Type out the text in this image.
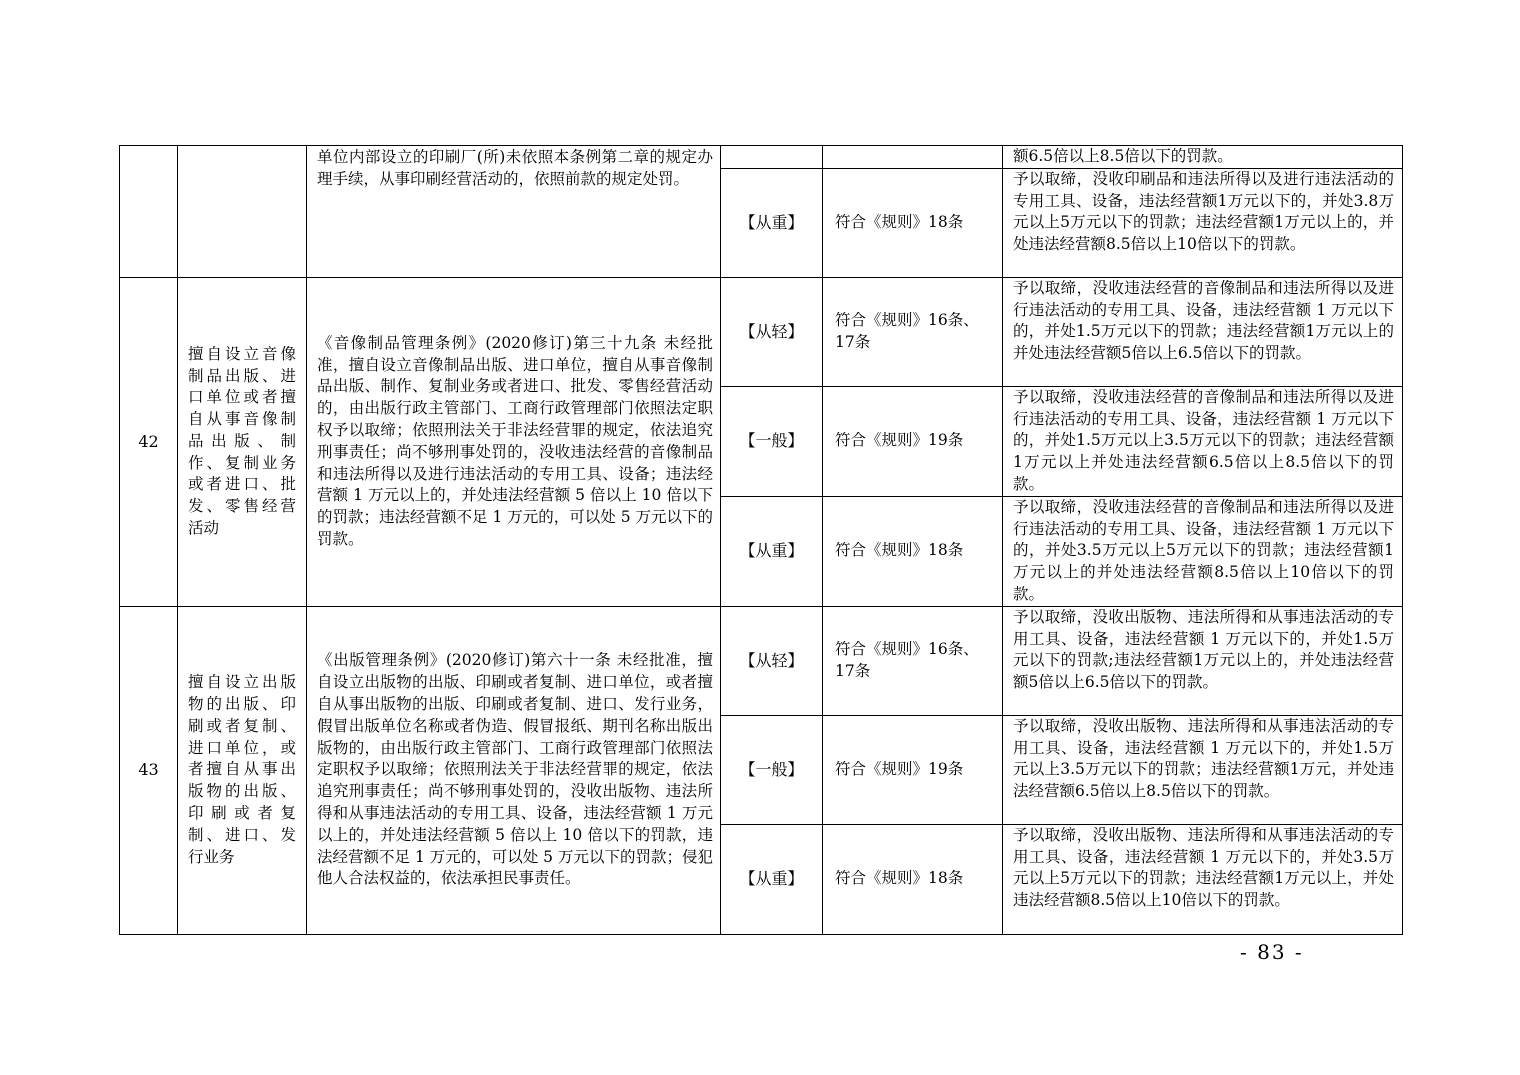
		单位内部设立的印刷厂(所)未依照本条例第二章的规定办理手续，从事印刷经营活动的，依照前款的规定处罚。			额6.5倍以上8.5倍以下的罚款。
			【从重】	符合《规则》18条	予以取缔，没收印刷品和违法所得以及进行违法活动的专用工具、设备，违法经营额1万元以下的，并处3.8万元以上5万元以下的罚款；违法经营额1万元以上的，并处违法经营额8.5倍以上10倍以下的罚款。
42	擅自设立音像制品出版、进口单位或者擅自从事音像制品出版、制作、复制业务或者进口、批发、零售经营活动	《音像制品管理条例》(2020修订)第三十九条 未经批准，擅自设立音像制品出版、进口单位，擅自从事音像制品出版、制作、复制业务或者进口、批发、零售经营活动的，由出版行政主管部门、工商行政管理部门依照法定职权予以取缔；依照刑法关于非法经营罪的规定，依法追究刑事责任；尚不够刑事处罚的，没收违法经营的音像制品和违法所得以及进行违法活动的专用工具、设备；违法经营额 1 万元以上的，并处违法经营额 5 倍以上 10 倍以下的罚款；违法经营额不足 1 万元的，可以处 5 万元以下的罚款。	【从轻】	符合《规则》16条、17条	予以取缔，没收违法经营的音像制品和违法所得以及进行违法活动的专用工具、设备，违法经营额 1 万元以下的，并处1.5万元以下的罚款；违法经营额1万元以上的并处违法经营额5倍以上6.5倍以下的罚款。
			【一般】	符合《规则》19条	予以取缔，没收违法经营的音像制品和违法所得以及进行违法活动的专用工具、设备，违法经营额 1 万元以下的，并处1.5万元以上3.5万元以下的罚款；违法经营额1万元以上并处违法经营额6.5倍以上8.5倍以下的罚款。
			【从重】	符合《规则》18条	予以取缔，没收违法经营的音像制品和违法所得以及进行违法活动的专用工具、设备，违法经营额 1 万元以下的，并处3.5万元以上5万元以下的罚款；违法经营额1万元以上的并处违法经营额8.5倍以上10倍以下的罚款。
43	擅自设立出版物的出版、印刷或者复制、进口单位，或者擅自从事出版物的出版、印刷或者复制、进口、发行业务	《出版管理条例》(2020修订)第六十一条 未经批准，擅自设立出版物的出版、印刷或者复制、进口单位，或者擅自从事出版物的出版、印刷或者复制、进口、发行业务，假冒出版单位名称或者伪造、假冒报纸、期刊名称出版出版物的，由出版行政主管部门、工商行政管理部门依照法定职权予以取缔；依照刑法关于非法经营罪的规定，依法追究刑事责任；尚不够刑事处罚的，没收出版物、违法所得和从事违法活动的专用工具、设备，违法经营额 1 万元以上的，并处违法经营额 5 倍以上 10 倍以下的罚款，违法经营额不足 1 万元的，可以处 5 万元以下的罚款；侵犯他人合法权益的，依法承担民事责任。	【从轻】	符合《规则》16条、17条	予以取缔，没收出版物、违法所得和从事违法活动的专用工具、设备，违法经营额 1 万元以下的，并处1.5万元以下的罚款;违法经营额1万元以上的，并处违法经营额5倍以上6.5倍以下的罚款。
			【一般】	符合《规则》19条	予以取缔，没收出版物、违法所得和从事违法活动的专用工具、设备，违法经营额 1 万元以下的，并处1.5万元以上3.5万元以下的罚款；违法经营额1万元，并处违法经营额6.5倍以上8.5倍以下的罚款。
			【从重】	符合《规则》18条	予以取缔，没收出版物、违法所得和从事违法活动的专用工具、设备，违法经营额 1 万元以下的，并处3.5万元以上5万元以下的罚款；违法经营额1万元以上，并处违法经营额8.5倍以上10倍以下的罚款。
- 83 -
